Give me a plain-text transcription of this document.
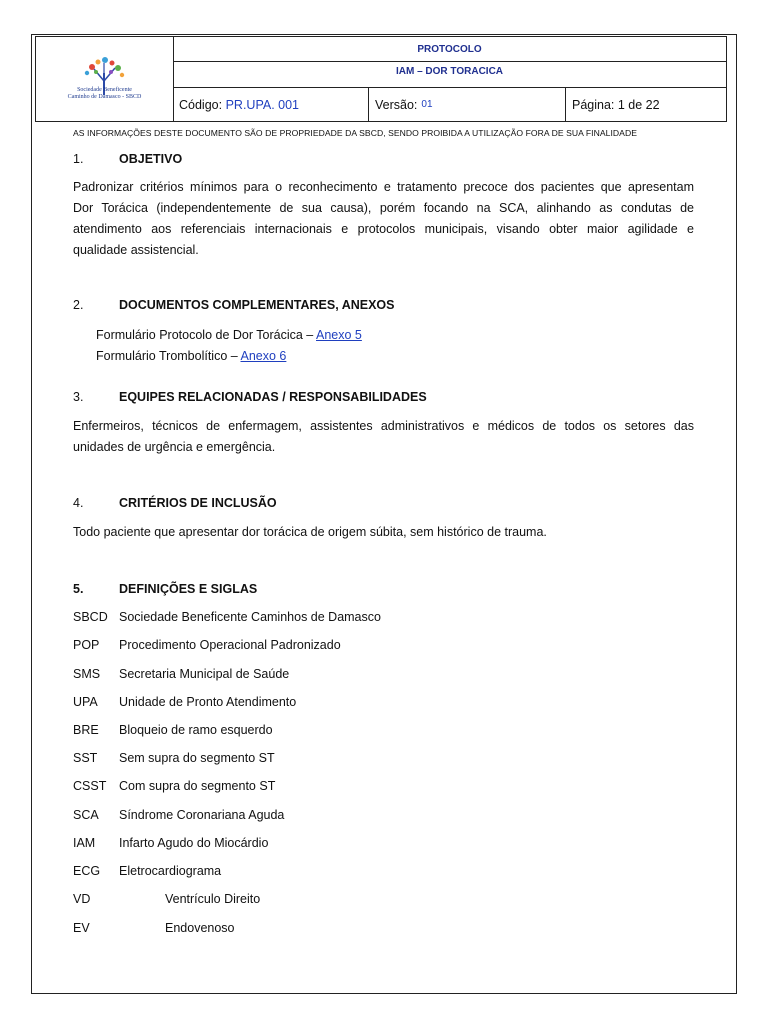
Sociedade Beneficente
Caminho de Damasco - SBCD
PROTOCOLO
IAM – DOR TORACICA
Código:
PR.UPA. 001	Versão: 01	Página: 1 de 22
AS INFORMAÇÕES DESTE DOCUMENTO SÃO DE PROPRIEDADE DA SBCD, SENDO PROIBIDA A UTILIZAÇÃO FORA DE SUA FINALIDADE
1.	OBJETIVO
Padronizar critérios mínimos para o reconhecimento e tratamento precoce dos pacientes que apresentam
Dor Torácica (independentemente de sua causa), porém focando na SCA, alinhando as condutas de
atendimento aos referenciais internacionais e protocolos municipais, visando obter maior agilidade e
qualidade assistencial.
2.	DOCUMENTOS COMPLEMENTARES, ANEXOS
Formulário Protocolo de Dor Torácica – Anexo 5
Formulário Trombolítico – Anexo 6
3.	EQUIPES RELACIONADAS / RESPONSABILIDADES
Enfermeiros, técnicos de enfermagem, assistentes administrativos e médicos de todos os setores das
unidades de urgência e emergência.
4.	CRITÉRIOS DE INCLUSÃO
Todo paciente que apresentar dor torácica de origem súbita, sem histórico de trauma.
5.	DEFINIÇÕES E SIGLAS
SBCD Sociedade Beneficente Caminhos de Damasco
POP Procedimento Operacional Padronizado
SMS Secretaria Municipal de Saúde
UPA Unidade de Pronto Atendimento
BRE Bloqueio de ramo esquerdo
SST Sem supra do segmento ST
CSST Com supra do segmento ST
SCA Síndrome Coronariana Aguda
IAM Infarto Agudo do Miocárdio
ECG Eletrocardiograma
VD	Ventrículo Direito
EV	Endovenoso
